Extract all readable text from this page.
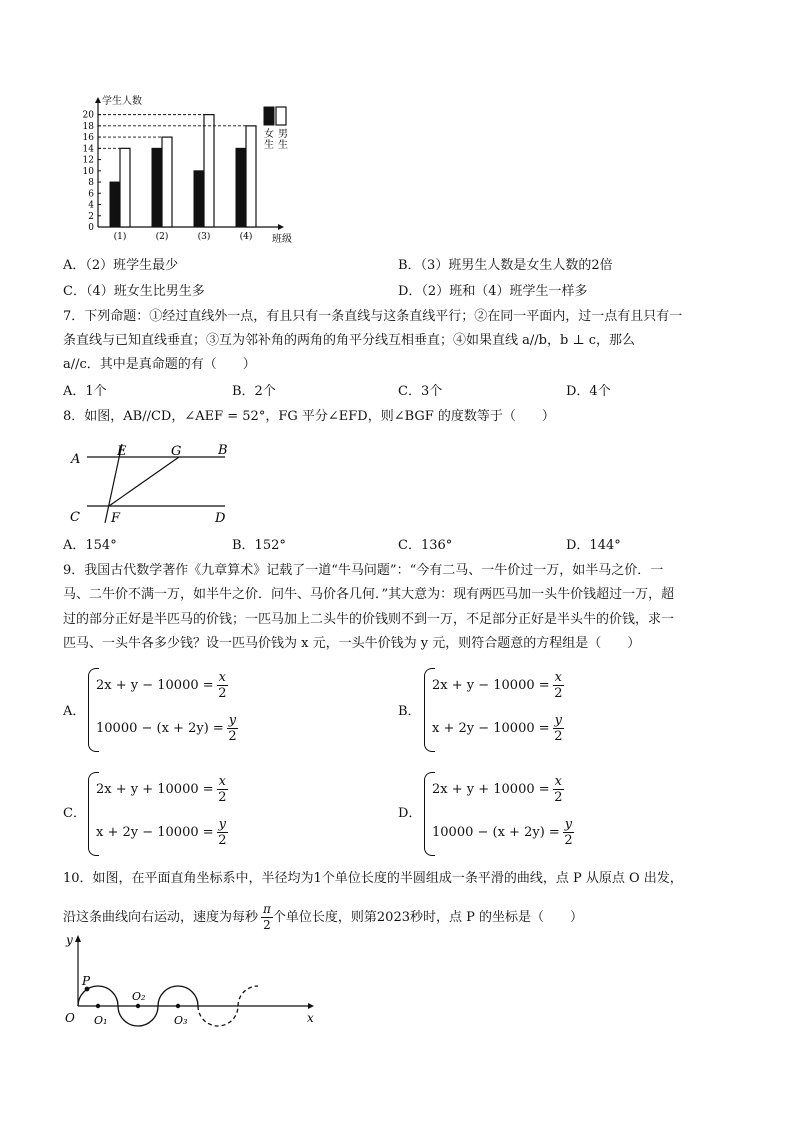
0
2
4
6
8
10
12
14
16
18
20
学生人数
班级
(1)	(2)	(3)	(4)
女
生
男
生
A．（2）班学生最少	B．（3）班男生人数是女生人数的2倍
C．（4）班女生比男生多	D．（2）班和（4）班学生一样多
7．下列命题：①经过直线外一点，有且只有一条直线与这条直线平行；②在同一平面内，过一点有且只有一
条直线与已知直线垂直；③互为邻补角的两角的角平分线互相垂直；④如果直线 a//b，b ⊥ c，那么
a//c．其中是真命题的有（　　）
A．1个	B．2个	C．3个	D．4个
8．如图，AB//CD，∠AEF = 52°，FG 平分∠EFD，则∠BGF 的度数等于（　　）
A
E	G	B
C F	D
A．154°	B．152°	C．136°	D．144°
9．我国古代数学著作《九章算术》记载了一道“牛马问题”：“今有二马、一牛价过一万，如半马之价．一
马、二牛价不满一万，如半牛之价．问牛、马价各几何．”其大意为：现有两匹马加一头牛价钱超过一万，超
过的部分正好是半匹马的价钱；一匹马加上二头牛的价钱则不到一万，不足部分正好是半头牛的价钱，求一
匹马、一头牛各多少钱？设一匹马价钱为 x 元，一头牛价钱为 y 元，则符合题意的方程组是（　　）
A．
$2x + y - 10000 = \frac{x}{2}$
$10000 - (x + 2y) = \frac{y}{2}$
B．
$2x + y - 10000 = \frac{x}{2}$
$x + 2y - 10000 = \frac{y}{2}$
C．
$2x + y + 10000 = \frac{x}{2}$
$x + 2y - 10000 = \frac{y}{2}$
D．
$2x + y + 10000 = \frac{x}{2}$
$10000 - (x + 2y) = \frac{y}{2}$
10．如图，在平面直角坐标系中，半径均为1个单位长度的半圆组成一条平滑的曲线，点 P 从原点 O 出发，
沿这条曲线向右运动，速度为每秒 $\frac{\pi}{2}$ 个单位长度，则第2023秒时，点 P 的坐标是（　　）
y
x
O
P
O₁
O₂
O₃
